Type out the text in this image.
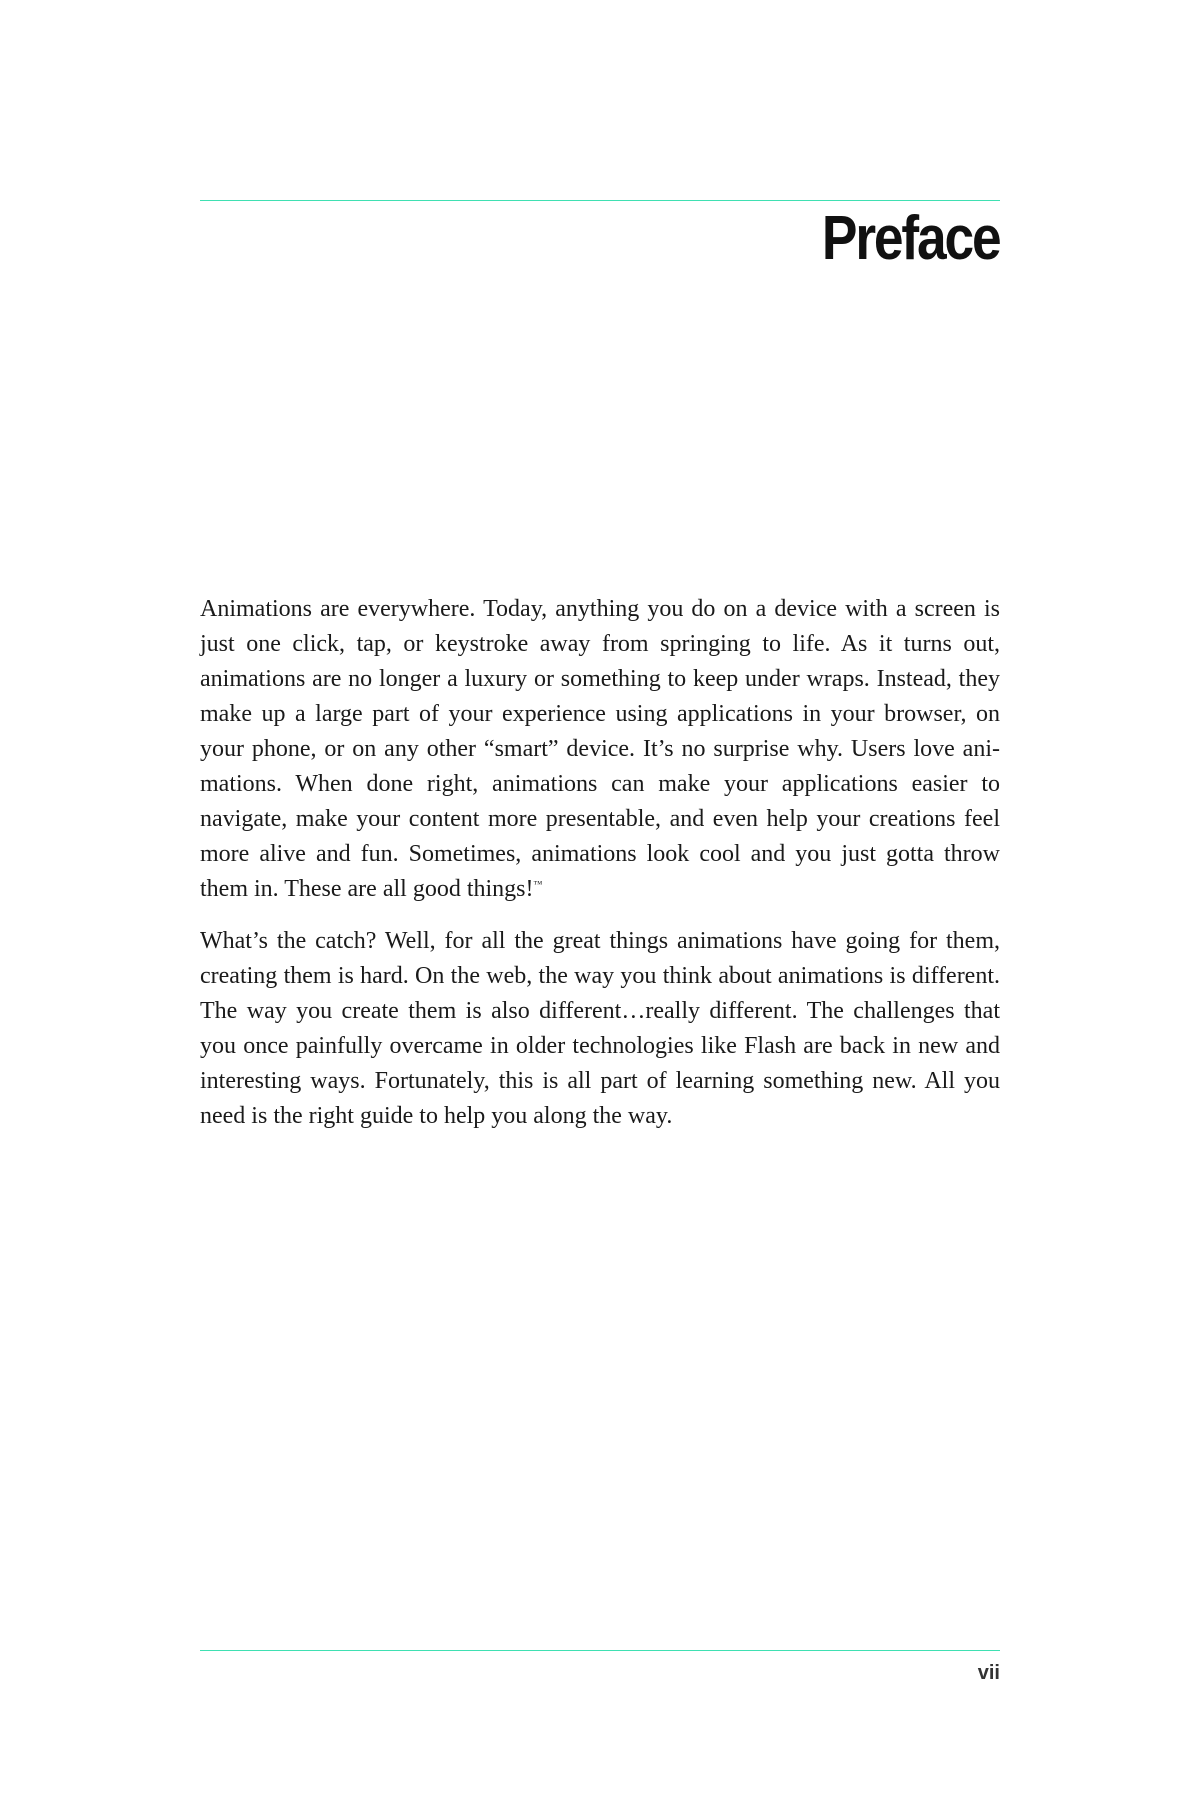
Preface

Animations are everywhere. Today, anything you do on a device with a screen is just one click, tap, or keystroke away from springing to life. As it turns out, animations are no longer a luxury or something to keep under wraps. Instead, they make up a large part of your experience using applications in your browser, on your phone, or on any other “smart” device. It’s no surprise why. Users love animations. When done right, animations can make your applications easier to navigate, make your content more presentable, and even help your creations feel more alive and fun. Sometimes, animations look cool and you just gotta throw them in. These are all good things!™

What’s the catch? Well, for all the great things animations have going for them, creating them is hard. On the web, the way you think about animations is different. The way you create them is also different…really different. The challenges that you once painfully overcame in older technologies like Flash are back in new and interesting ways. Fortunately, this is all part of learning something new. All you need is the right guide to help you along the way.

vii
